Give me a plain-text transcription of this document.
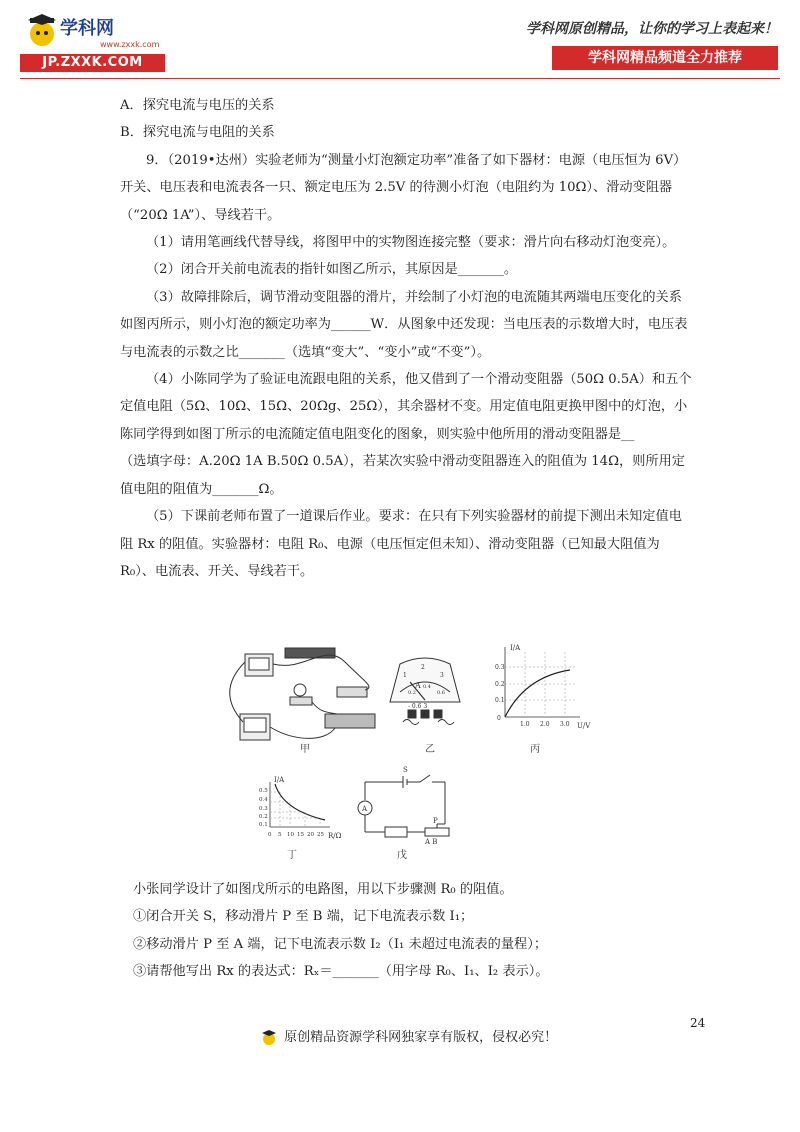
学科网
www.zxxk.com
JP.ZXXK.COM
学科网原创精品，让你的学习上表起来！
学科网精品频道全力推荐

A．探究电流与电压的关系

B．探究电流与电阻的关系

9．（2019•达州）实验老师为“测量小灯泡额定功率”准备了如下器材：电源（电压恒为 6V）

开关、电压表和电流表各一只、额定电压为 2.5V 的待测小灯泡（电阻约为 10Ω）、滑动变阻器

（“20Ω 1A”）、导线若干。

（1）请用笔画线代替导线，将图甲中的实物图连接完整（要求：滑片向右移动灯泡变亮）。

（2）闭合开关前电流表的指针如图乙所示，其原因是_______。

（3）故障排除后，调节滑动变阻器的滑片，并绘制了小灯泡的电流随其两端电压变化的关系

如图丙所示，则小灯泡的额定功率为______W．从图象中还发现：当电压表的示数增大时，电压表

与电流表的示数之比_______（选填“变大”、“变小”或“不变”）。

（4）小陈同学为了验证电流跟电阻的关系，他又借到了一个滑动变阻器（50Ω 0.5A）和五个

定值电阻（5Ω、10Ω、15Ω、20Ωg、25Ω），其余器材不变。用定值电阻更换甲图中的灯泡，小

陈同学得到如图丁所示的电流随定值电阻变化的图象，则实验中他所用的滑动变阻器是__

（选填字母：A.20Ω 1A B.50Ω 0.5A），若某次实验中滑动变阻器连入的阻值为 14Ω，则所用定

值电阻的阻值为_______Ω。

（5）下课前老师布置了一道课后作业。要求：在只有下列实验器材的前提下测出未知定值电

阻 Rx 的阻值。实验器材：电阻 R₀、电源（电压恒定但未知）、滑动变阻器（已知最大阻值为

R₀）、电流表、开关、导线若干。

A
I/A
U/V
0.3
0.2
0.1
0
1.0 2.0 3.0
I/A
R/Ω
0.5
0.4
0.3
0.2
0.1
0 5 10 15 20 25
S
A
P
A B
1
2
3
0.2
0.4
0.6
- 0.6 3
甲	乙	丙
丁	戊

小张同学设计了如图戊所示的电路图，用以下步骤测 R₀ 的阻值。

①闭合开关 S，移动滑片 P 至 B 端，记下电流表示数 I₁；

②移动滑片 P 至 A 端，记下电流表示数 I₂（I₁ 未超过电流表的量程）；

③请帮他写出 Rx 的表达式：Rₓ＝_______（用字母 R₀、I₁、I₂ 表示）。

24
原创精品资源学科网独家享有版权，侵权必究！
